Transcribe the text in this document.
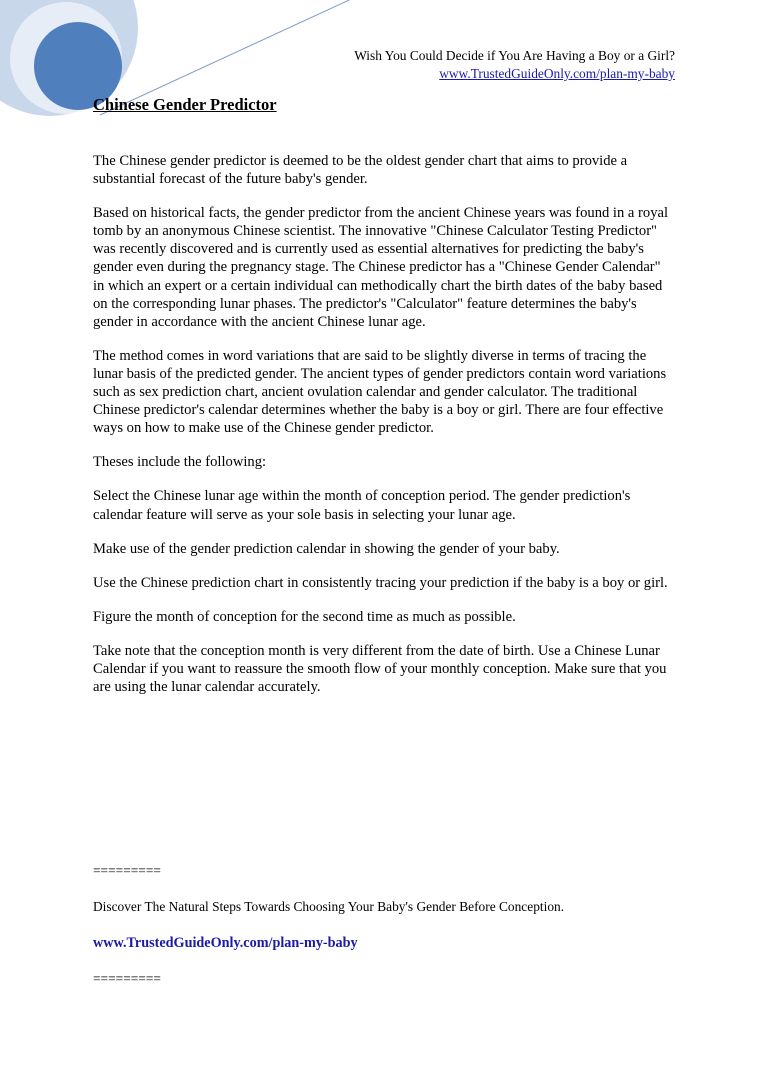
Wish You Could Decide if You Are Having a Boy or a Girl?
www.TrustedGuideOnly.com/plan-my-baby
Chinese Gender Predictor

The Chinese gender predictor is deemed to be the oldest gender chart that aims to provide a substantial forecast of the future baby's gender.

Based on historical facts, the gender predictor from the ancient Chinese years was found in a royal tomb by an anonymous Chinese scientist. The innovative "Chinese Calculator Testing Predictor" was recently discovered and is currently used as essential alternatives for predicting the baby's gender even during the pregnancy stage. The Chinese predictor has a "Chinese Gender Calendar" in which an expert or a certain individual can methodically chart the birth dates of the baby based on the corresponding lunar phases. The predictor's "Calculator" feature determines the baby's gender in accordance with the ancient Chinese lunar age.

The method comes in word variations that are said to be slightly diverse in terms of tracing the lunar basis of the predicted gender. The ancient types of gender predictors contain word variations such as sex prediction chart, ancient ovulation calendar and gender calculator. The traditional Chinese predictor's calendar determines whether the baby is a boy or girl. There are four effective ways on how to make use of the Chinese gender predictor.

Theses include the following:

Select the Chinese lunar age within the month of conception period. The gender prediction's calendar feature will serve as your sole basis in selecting your lunar age.

Make use of the gender prediction calendar in showing the gender of your baby.

Use the Chinese prediction chart in consistently tracing your prediction if the baby is a boy or girl.

Figure the month of conception for the second time as much as possible.

Take note that the conception month is very different from the date of birth. Use a Chinese Lunar Calendar if you want to reassure the smooth flow of your monthly conception. Make sure that you are using the lunar calendar accurately.

=========

Discover The Natural Steps Towards Choosing Your Baby's Gender Before Conception.

www.TrustedGuideOnly.com/plan-my-baby

=========
